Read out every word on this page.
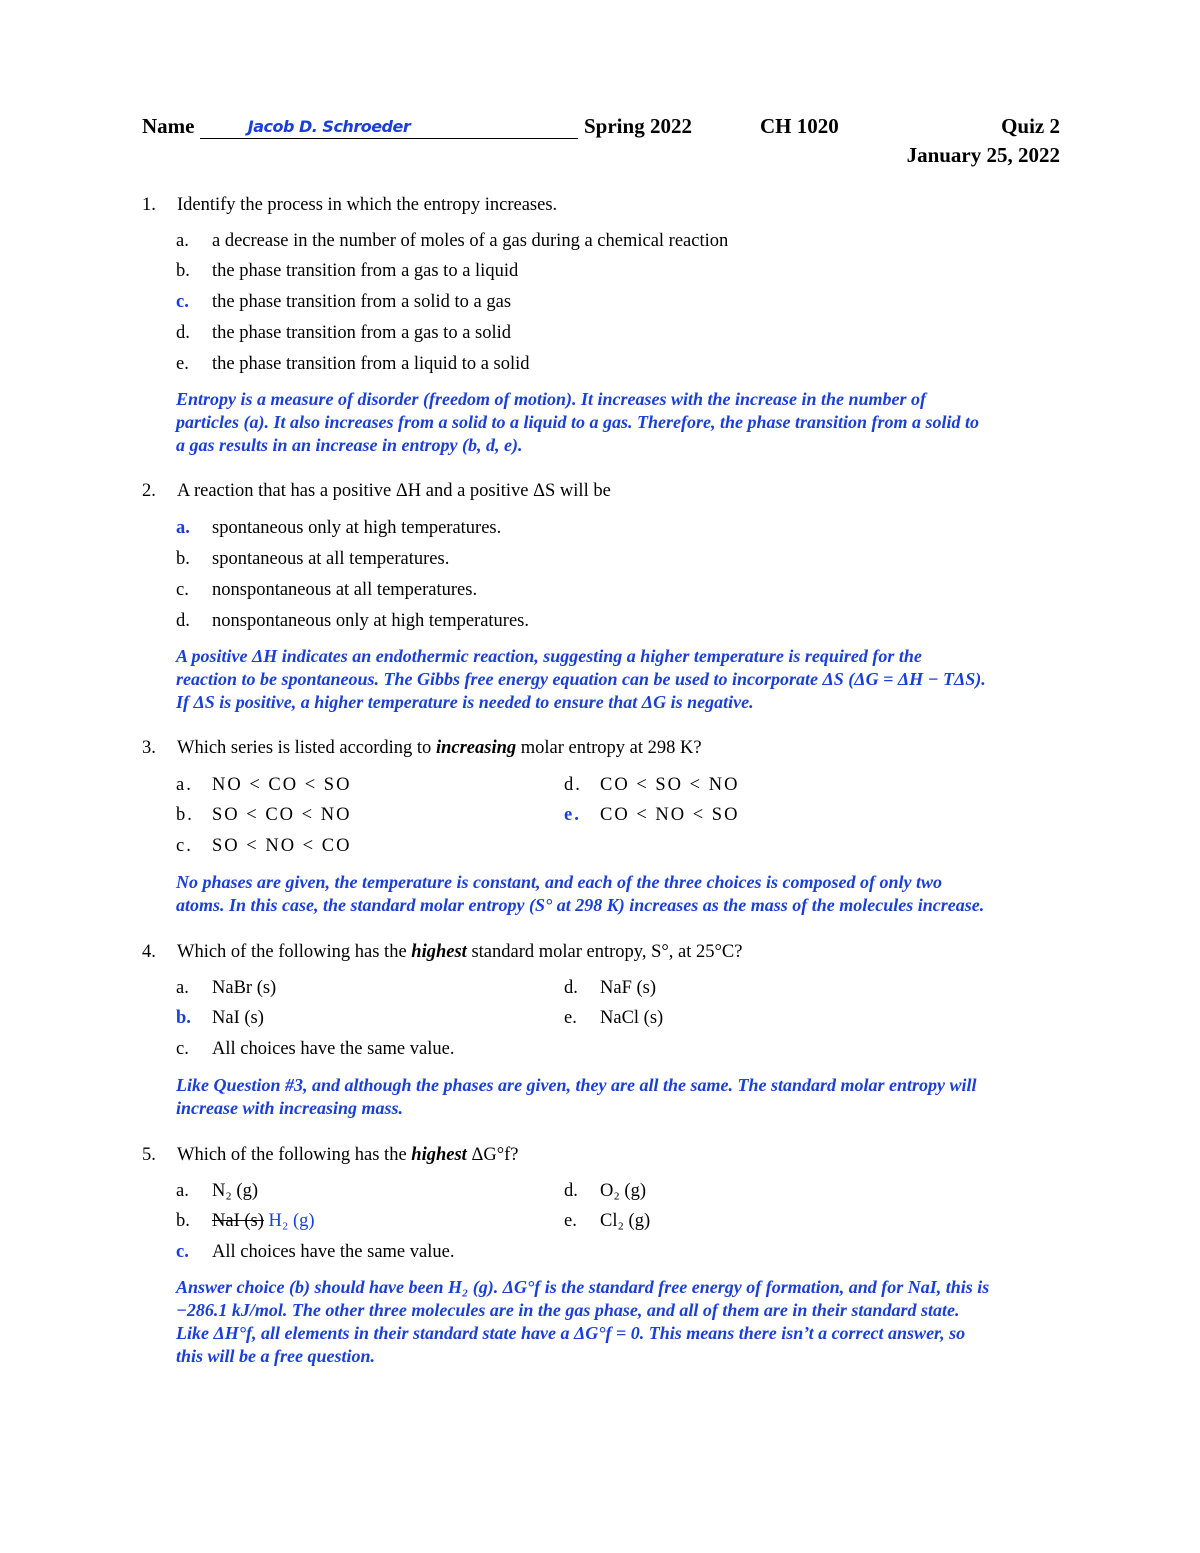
Name	Jacob D. Schroeder	Spring 2022	CH 1020	Quiz 2
January 25, 2022
1.	Identify the process in which the entropy increases.
a. a decrease in the number of moles of a gas during a chemical reaction
b. the phase transition from a gas to a liquid
c. the phase transition from a solid to a gas
d. the phase transition from a gas to a solid
e. the phase transition from a liquid to a solid
Entropy is a measure of disorder (freedom of motion). It increases with the increase in the number of
particles (a). It also increases from a solid to a liquid to a gas. Therefore, the phase transition from a solid to
a gas results in an increase in entropy (b, d, e).
2.	A reaction that has a positive ΔH and a positive ΔS will be
a. spontaneous only at high temperatures.
b. spontaneous at all temperatures.
c. nonspontaneous at all temperatures.
d. nonspontaneous only at high temperatures.
A positive ΔH indicates an endothermic reaction, suggesting a higher temperature is required for the
reaction to be spontaneous. The Gibbs free energy equation can be used to incorporate ΔS (ΔG = ΔH − TΔS).
If ΔS is positive, a higher temperature is needed to ensure that ΔG is negative.
3.	Which series is listed according to increasing molar entropy at 298 K?
a. NO < CO < SO
b. SO < CO < NO
c. SO < NO < CO
d. CO < SO < NO
e. CO < NO < SO
No phases are given, the temperature is constant, and each of the three choices is composed of only two
atoms. In this case, the standard molar entropy (S° at 298 K) increases as the mass of the molecules increase.
4.	Which of the following has the highest standard molar entropy, S°, at 25°C?
a. NaBr (s)
b. NaI (s)
c. All choices have the same value.
d. NaF (s)
e. NaCl (s)
Like Question #3, and although the phases are given, they are all the same. The standard molar entropy will
increase with increasing mass.
5.	Which of the following has the highest ΔG°f?
a. N₂ (g)
b. NaI (s) H₂ (g)
c. All choices have the same value.
d. O₂ (g)
e. Cl₂ (g)
Answer choice (b) should have been H₂ (g). ΔG°f is the standard free energy of formation, and for NaI, this is
−286.1 kJ/mol. The other three molecules are in the gas phase, and all of them are in their standard state.
Like ΔH°f, all elements in their standard state have a ΔG°f = 0. This means there isn’t a correct answer, so
this will be a free question.
